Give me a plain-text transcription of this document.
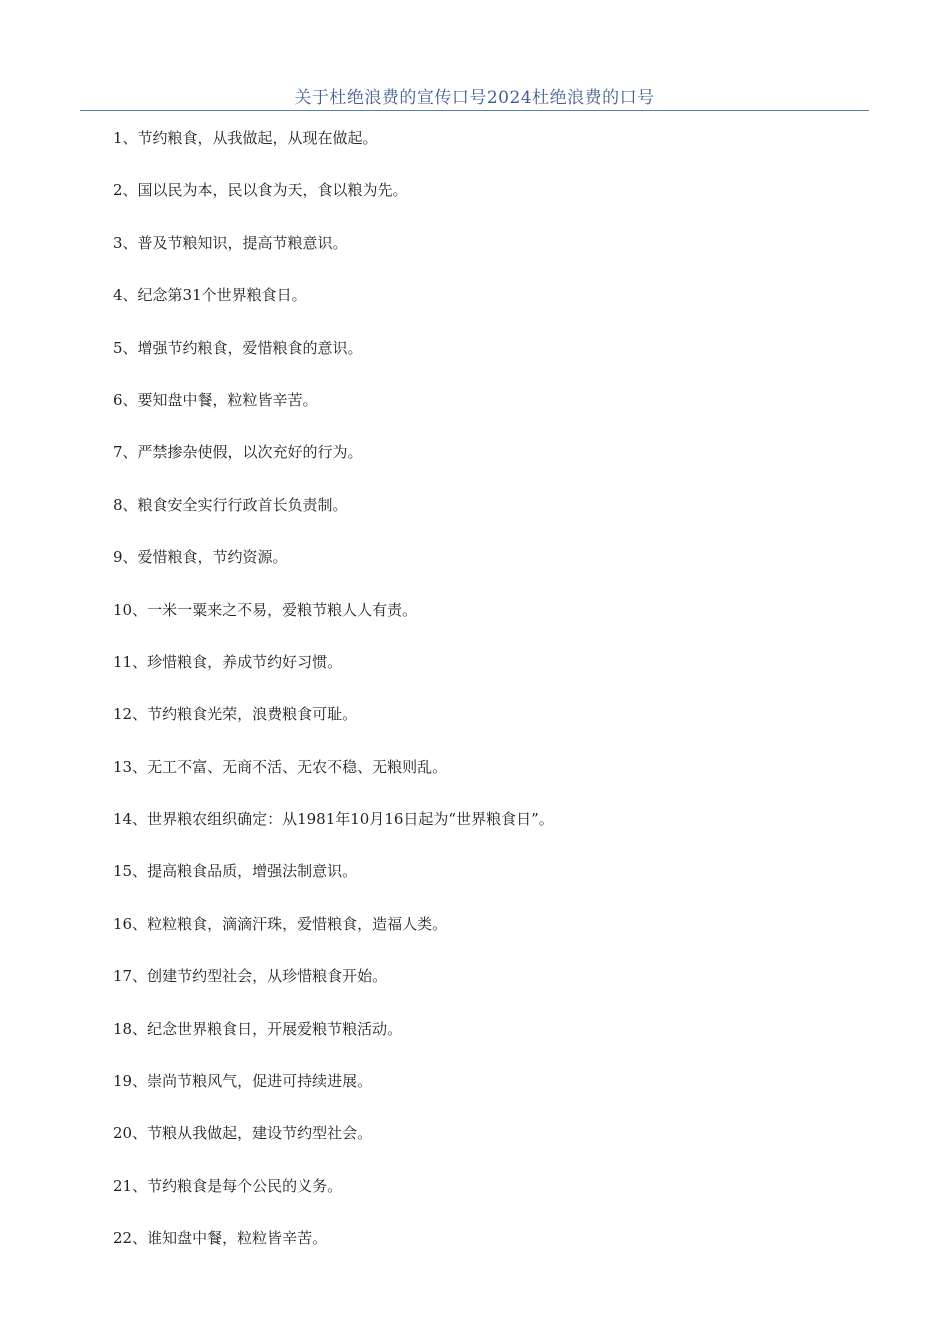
关于杜绝浪费的宣传口号2024杜绝浪费的口号
1、节约粮食，从我做起，从现在做起。
2、国以民为本，民以食为天，食以粮为先。
3、普及节粮知识，提高节粮意识。
4、纪念第31个世界粮食日。
5、增强节约粮食，爱惜粮食的意识。
6、要知盘中餐，粒粒皆辛苦。
7、严禁掺杂使假，以次充好的行为。
8、粮食安全实行行政首长负责制。
9、爱惜粮食，节约资源。
10、一米一粟来之不易，爱粮节粮人人有责。
11、珍惜粮食，养成节约好习惯。
12、节约粮食光荣，浪费粮食可耻。
13、无工不富、无商不活、无农不稳、无粮则乱。
14、世界粮农组织确定：从1981年10月16日起为“世界粮食日”。
15、提高粮食品质，增强法制意识。
16、粒粒粮食，滴滴汗珠，爱惜粮食，造福人类。
17、创建节约型社会，从珍惜粮食开始。
18、纪念世界粮食日，开展爱粮节粮活动。
19、崇尚节粮风气，促进可持续进展。
20、节粮从我做起，建设节约型社会。
21、节约粮食是每个公民的义务。
22、谁知盘中餐，粒粒皆辛苦。
